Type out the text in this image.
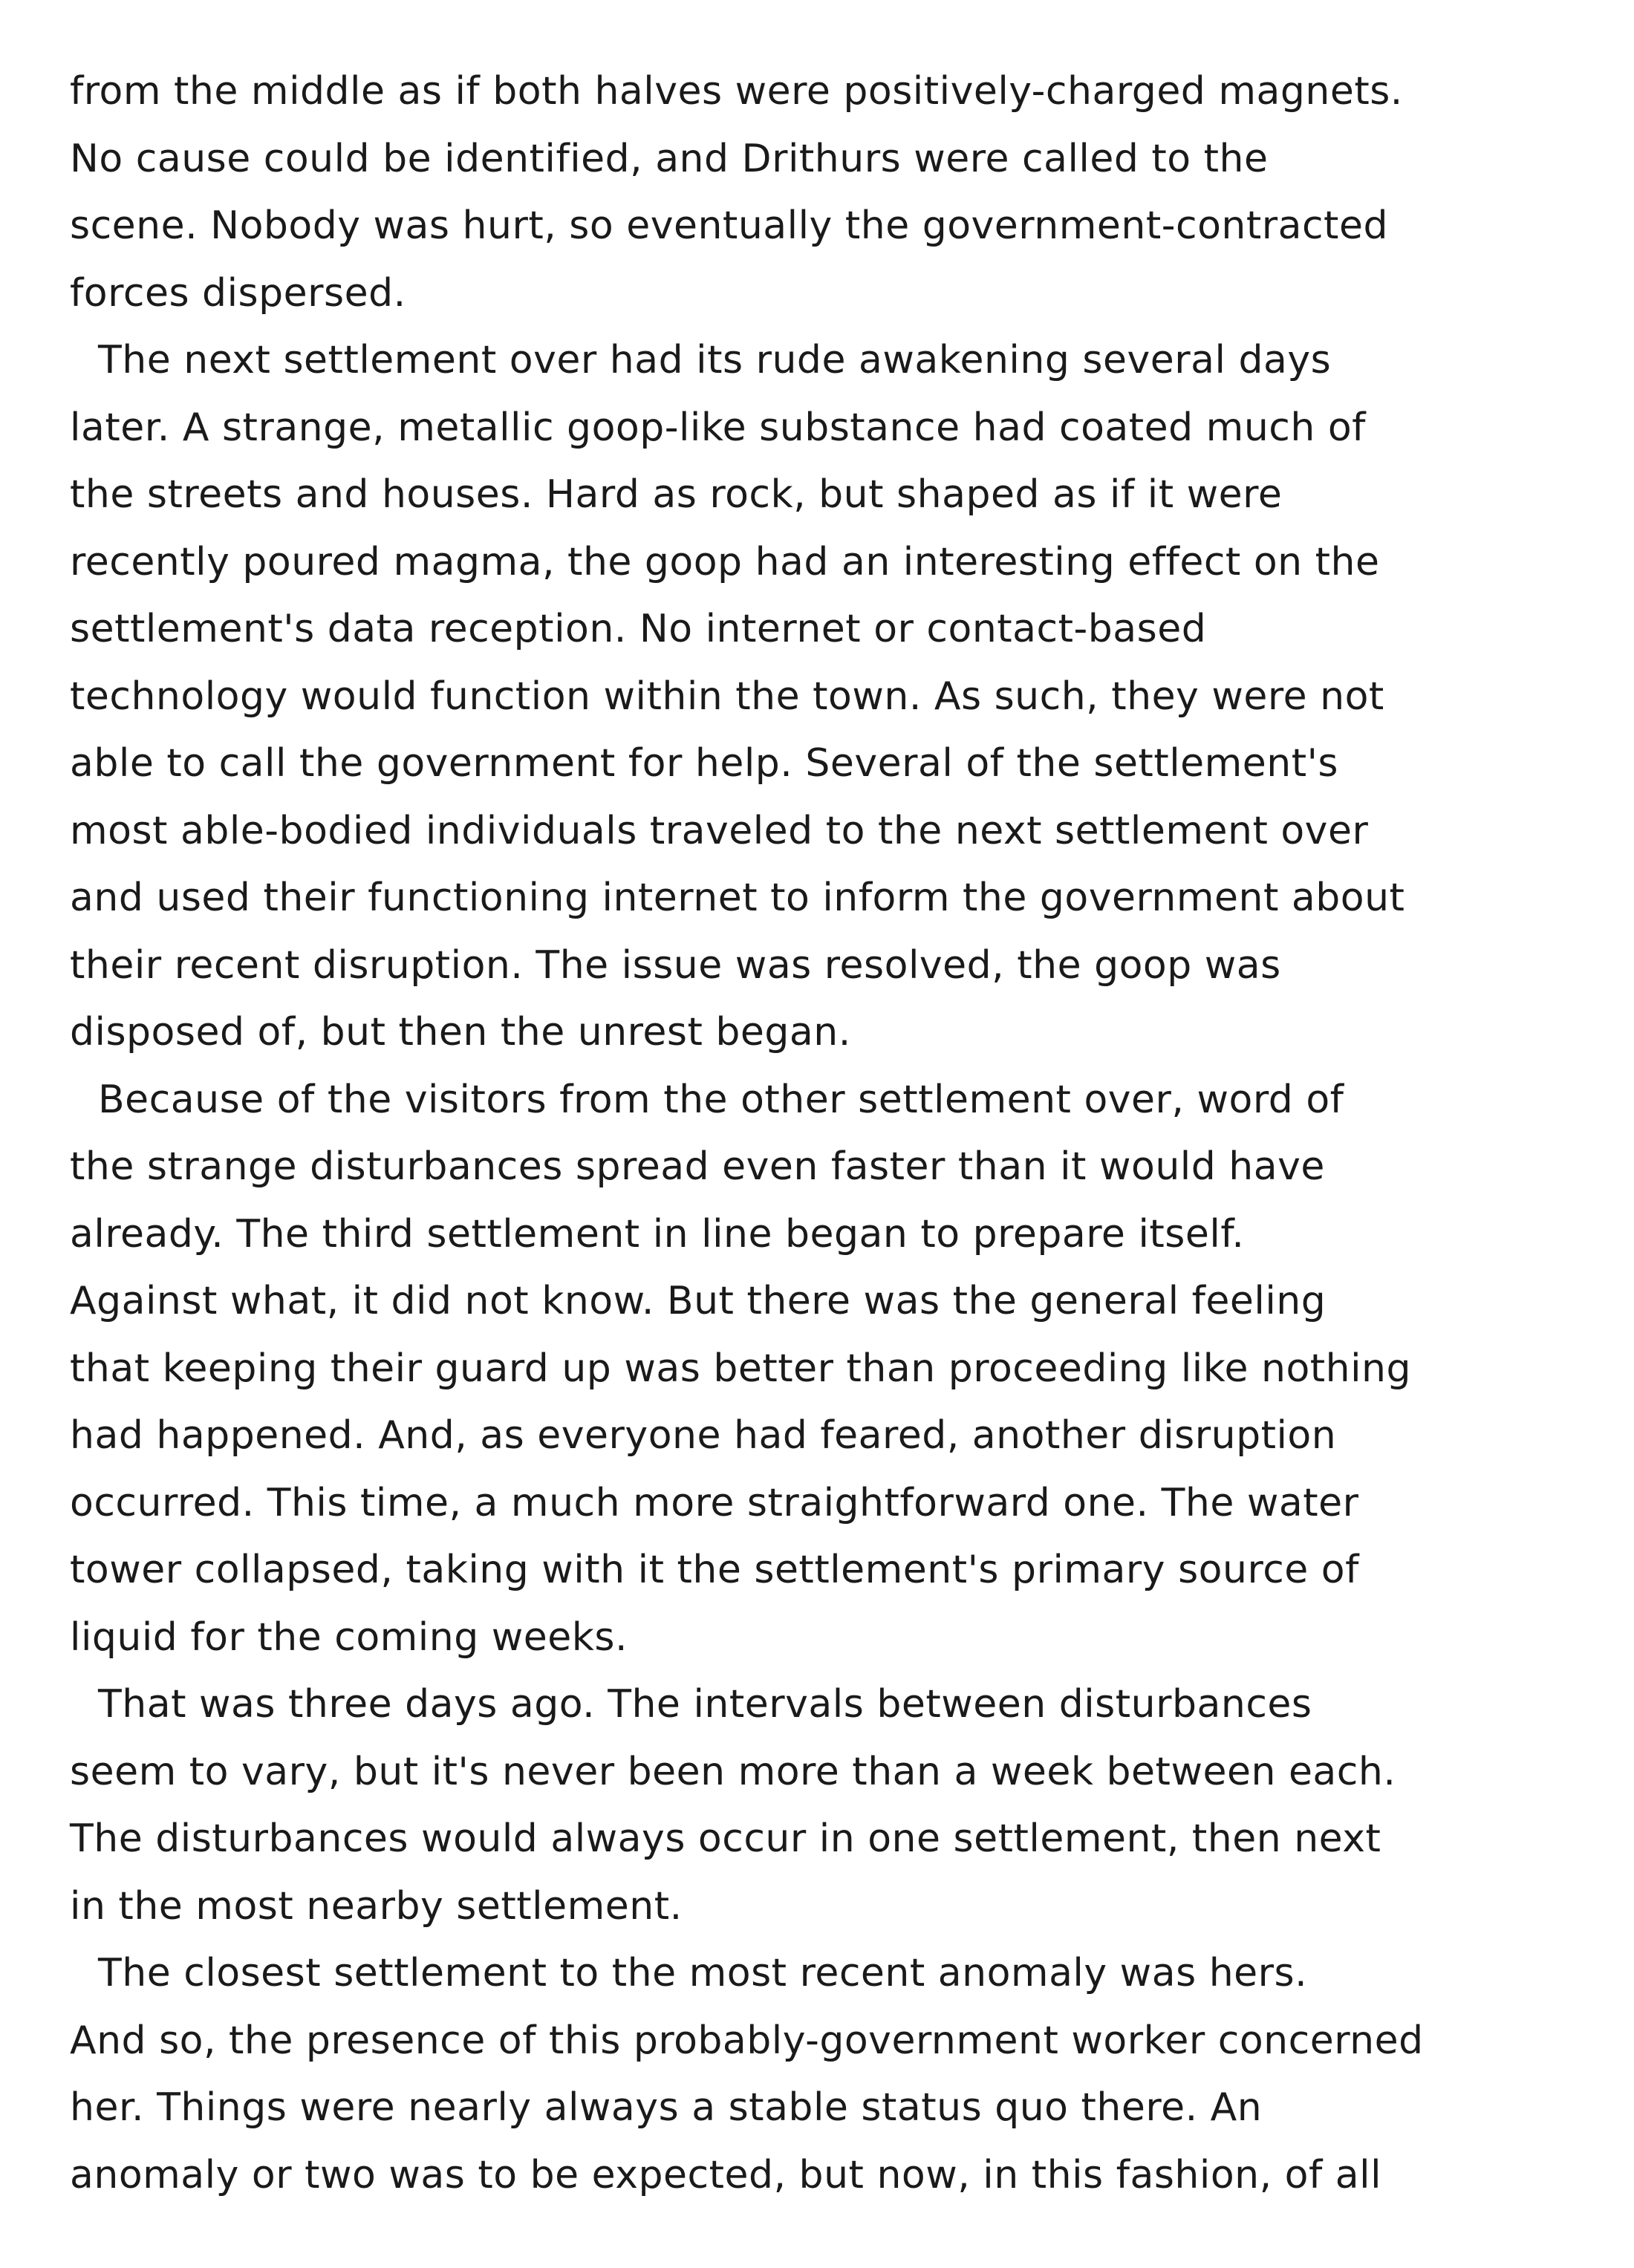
from the middle as if both halves were positively-charged magnets.
No cause could be identified, and Drithurs were called to the
scene. Nobody was hurt, so eventually the government-contracted
forces dispersed.
The next settlement over had its rude awakening several days
later. A strange, metallic goop-like substance had coated much of
the streets and houses. Hard as rock, but shaped as if it were
recently poured magma, the goop had an interesting effect on the
settlement's data reception. No internet or contact-based
technology would function within the town. As such, they were not
able to call the government for help. Several of the settlement's
most able-bodied individuals traveled to the next settlement over
and used their functioning internet to inform the government about
their recent disruption. The issue was resolved, the goop was
disposed of, but then the unrest began.
Because of the visitors from the other settlement over, word of
the strange disturbances spread even faster than it would have
already. The third settlement in line began to prepare itself.
Against what, it did not know. But there was the general feeling
that keeping their guard up was better than proceeding like nothing
had happened. And, as everyone had feared, another disruption
occurred. This time, a much more straightforward one. The water
tower collapsed, taking with it the settlement's primary source of
liquid for the coming weeks.
That was three days ago. The intervals between disturbances
seem to vary, but it's never been more than a week between each.
The disturbances would always occur in one settlement, then next
in the most nearby settlement.
The closest settlement to the most recent anomaly was hers.
And so, the presence of this probably-government worker concerned
her. Things were nearly always a stable status quo there. An
anomaly or two was to be expected, but now, in this fashion, of all
